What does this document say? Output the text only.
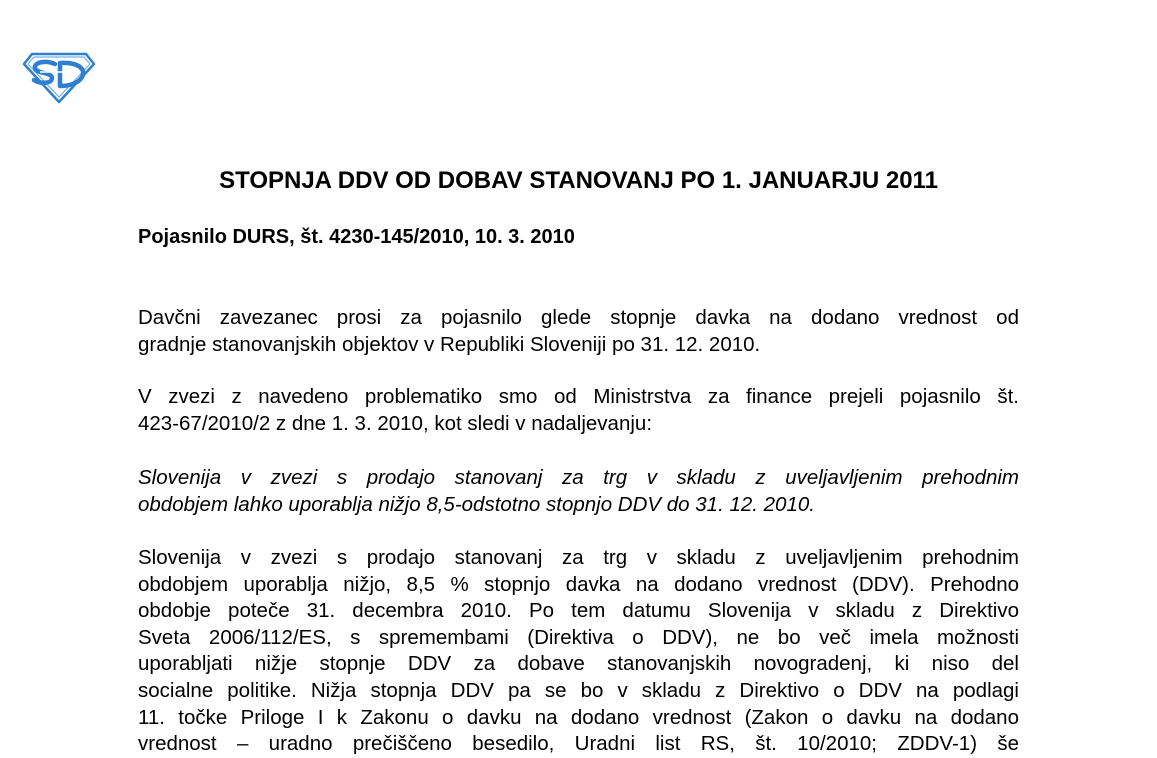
STOPNJA DDV OD DOBAV STANOVANJ PO 1. JANUARJU 2011
Pojasnilo DURS, št. 4230-145/2010, 10. 3. 2010
Davčni zavezanec prosi za pojasnilo glede stopnje davka na dodano vrednost od
gradnje stanovanjskih objektov v Republiki Sloveniji po 31. 12. 2010.
V zvezi z navedeno problematiko smo od Ministrstva za finance prejeli pojasnilo št.
423-67/2010/2 z dne 1. 3. 2010, kot sledi v nadaljevanju:
Slovenija v zvezi s prodajo stanovanj za trg v skladu z uveljavljenim prehodnim
obdobjem lahko uporablja nižjo 8,5-odstotno stopnjo DDV do 31. 12. 2010.
Slovenija v zvezi s prodajo stanovanj za trg v skladu z uveljavljenim prehodnim
obdobjem uporablja nižjo, 8,5 % stopnjo davka na dodano vrednost (DDV). Prehodno
obdobje poteče 31. decembra 2010. Po tem datumu Slovenija v skladu z Direktivo
Sveta 2006/112/ES, s spremembami (Direktiva o DDV), ne bo več imela možnosti
uporabljati nižje stopnje DDV za dobave stanovanjskih novogradenj, ki niso del
socialne politike. Nižja stopnja DDV pa se bo v skladu z Direktivo o DDV na podlagi
11. točke Priloge I k Zakonu o davku na dodano vrednost (Zakon o davku na dodano
vrednost – uradno prečiščeno besedilo, Uradni list RS, št. 10/2010; ZDDV-1) še
